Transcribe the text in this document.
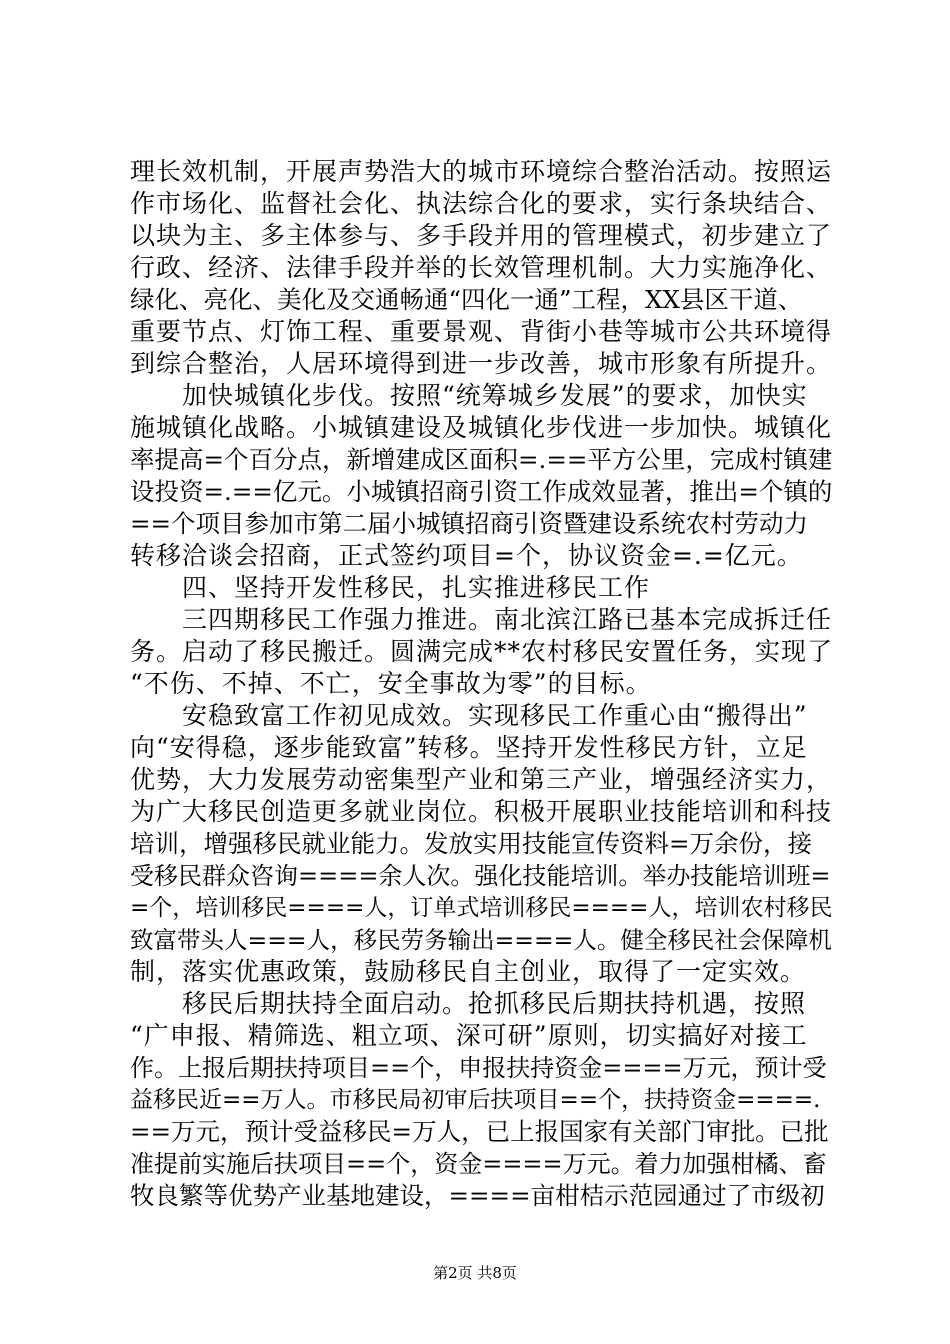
理长效机制，开展声势浩大的城市环境综合整治活动。按照运
作市场化、监督社会化、执法综合化的要求，实行条块结合、
以块为主、多主体参与、多手段并用的管理模式，初步建立了
行政、经济、法律手段并举的长效管理机制。大力实施净化、
绿化、亮化、美化及交通畅通“四化一通”工程，XX县区干道、
重要节点、灯饰工程、重要景观、背街小巷等城市公共环境得
到综合整治，人居环境得到进一步改善，城市形象有所提升。
　　加快城镇化步伐。按照“统筹城乡发展”的要求，加快实
施城镇化战略。小城镇建设及城镇化步伐进一步加快。城镇化
率提高=个百分点，新增建成区面积=.==平方公里，完成村镇建
设投资=.==亿元。小城镇招商引资工作成效显著，推出=个镇的
==个项目参加市第二届小城镇招商引资暨建设系统农村劳动力
转移洽谈会招商，正式签约项目=个，协议资金=.=亿元。
　　四、坚持开发性移民，扎实推进移民工作
　　三四期移民工作强力推进。南北滨江路已基本完成拆迁任
务。启动了移民搬迁。圆满完成**农村移民安置任务，实现了
“不伤、不掉、不亡，安全事故为零”的目标。
　　安稳致富工作初见成效。实现移民工作重心由“搬得出”
向“安得稳，逐步能致富”转移。坚持开发性移民方针，立足
优势，大力发展劳动密集型产业和第三产业，增强经济实力，
为广大移民创造更多就业岗位。积极开展职业技能培训和科技
培训，增强移民就业能力。发放实用技能宣传资料=万余份，接
受移民群众咨询====余人次。强化技能培训。举办技能培训班=
=个，培训移民====人，订单式培训移民====人，培训农村移民
致富带头人===人，移民劳务输出====人。健全移民社会保障机
制，落实优惠政策，鼓励移民自主创业，取得了一定实效。
　　移民后期扶持全面启动。抢抓移民后期扶持机遇，按照
“广申报、精筛选、粗立项、深可研”原则，切实搞好对接工
作。上报后期扶持项目==个，申报扶持资金====万元，预计受
益移民近==万人。市移民局初审后扶项目==个，扶持资金====.
==万元，预计受益移民=万人，已上报国家有关部门审批。已批
准提前实施后扶项目==个，资金====万元。着力加强柑橘、畜
牧良繁等优势产业基地建设，====亩柑桔示范园通过了市级初
第2页 共8页
